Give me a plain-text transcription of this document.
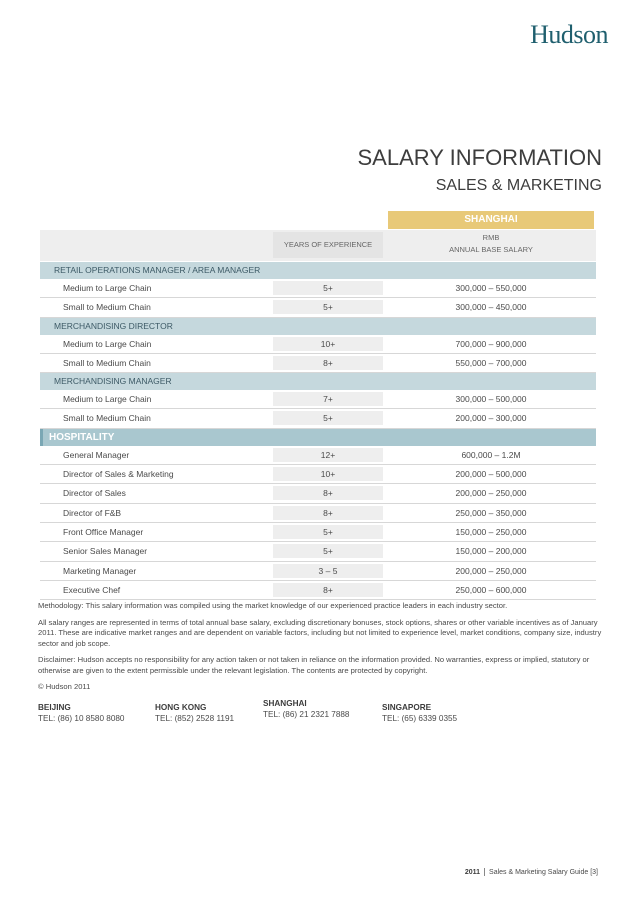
Hudson
SALARY INFORMATION
SALES & MARKETING
SHANGHAI
YEARS OF EXPERIENCE
RMB
ANNUAL BASE SALARY
RETAIL OPERATIONS MANAGER / AREA MANAGER
Medium to Large Chain	5+	300,000 – 550,000
Small to Medium Chain	5+	300,000 – 450,000
MERCHANDISING DIRECTOR
Medium to Large Chain	10+	700,000 – 900,000
Small to Medium Chain	8+	550,000 – 700,000
MERCHANDISING MANAGER
Medium to Large Chain	7+	300,000 – 500,000
Small to Medium Chain	5+	200,000 – 300,000
HOSPITALITY
General Manager	12+	600,000 – 1.2M
Director of Sales & Marketing	10+	200,000 – 500,000
Director of Sales	8+	200,000 – 250,000
Director of F&B	8+	250,000 – 350,000
Front Office Manager	5+	150,000 – 250,000
Senior Sales Manager	5+	150,000 – 200,000
Marketing Manager	3 – 5	200,000 – 250,000
Executive Chef	8+	250,000 – 600,000

Methodology: This salary information was compiled using the market knowledge of our experienced practice leaders in each industry sector.

All salary ranges are represented in terms of total annual base salary, excluding discretionary bonuses, stock options, shares or other variable incentives as of January 2011. These are indicative market ranges and are dependent on variable factors, including but not limited to experience level, market conditions, company size, industry sector and job scope.

Disclaimer: Hudson accepts no responsibility for any action taken or not taken in reliance on the information provided. No warranties, express or implied, statutory or otherwise are given to the extent permissible under the relevant legislation. The contents are protected by copyright.

© Hudson 2011

BEIJING
TEL: (86) 10 8580 8080
HONG KONG
TEL: (852) 2528 1191
SHANGHAI
TEL: (86) 21 2321 7888
SINGAPORE
TEL: (65) 6339 0355
2011 Sales & Marketing Salary Guide [3]
